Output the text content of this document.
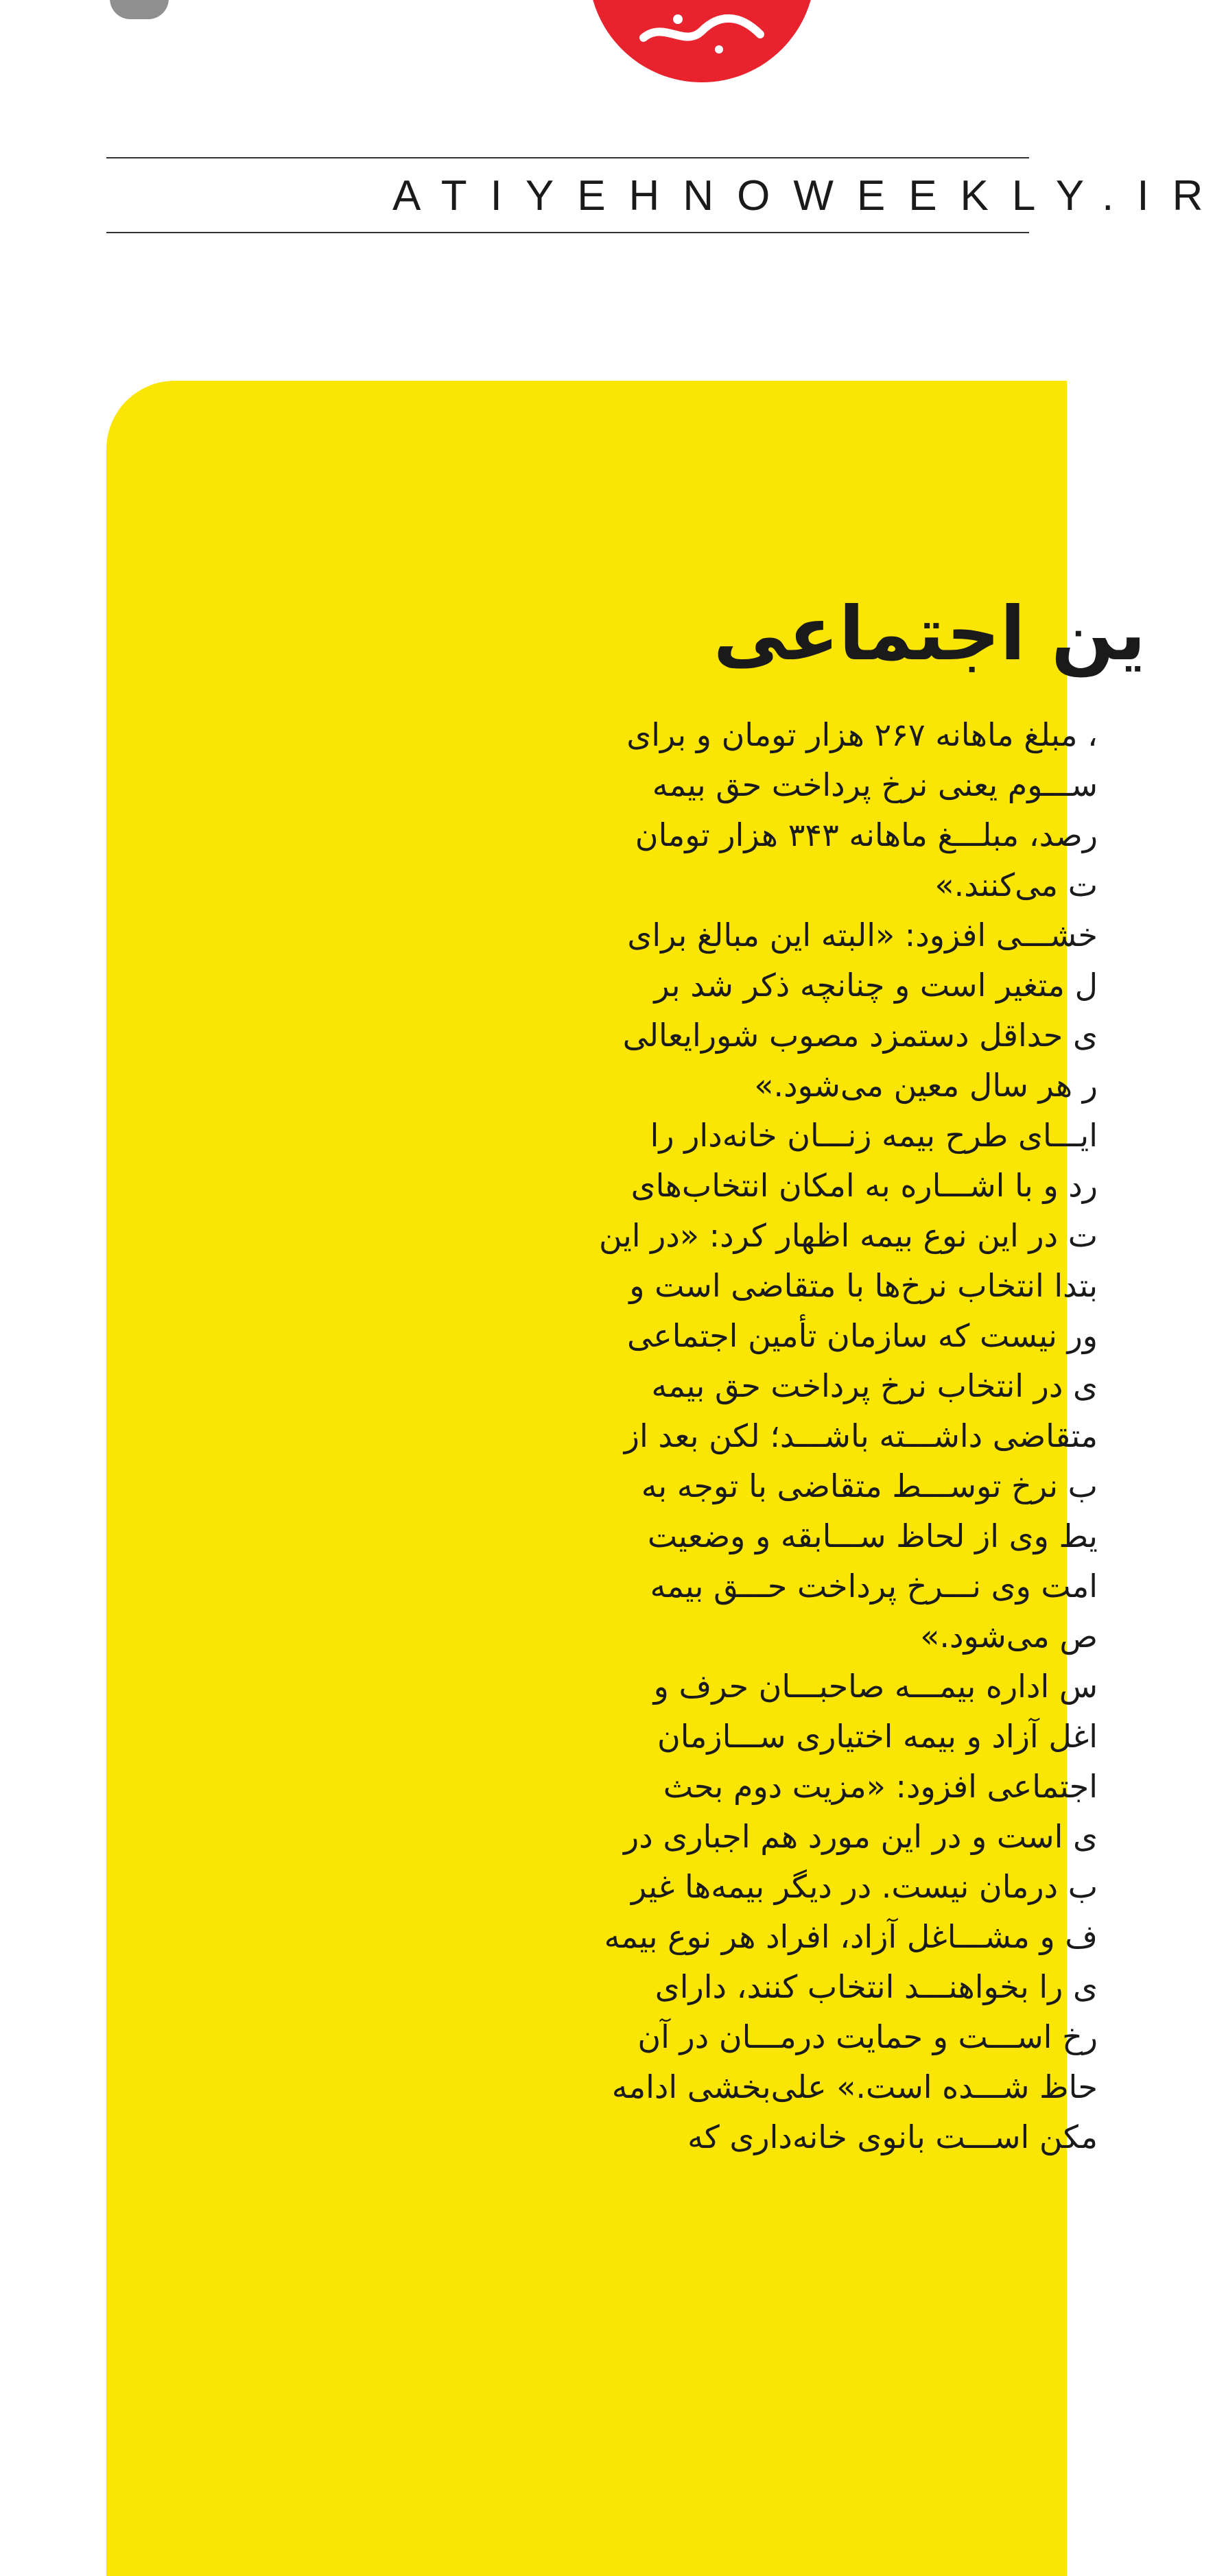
ATIYEHNOWEEKLY.IR
ین اجتماعی
، مبلغ ماهانه ۲۶۷ هزار تومان و برای
ســـوم یعنی نرخ پرداخت حق بیمه
رصد، مبلـــغ ماهانه ۳۴۳ هزار تومان
ت می‌کنند.»
خشـــی افزود: «البته این مبالغ برای
ل متغیر است و چنانچه ذکر شد بر
ی حداقل دستمزد مصوب شورایعالی
ر هر سال معین می‌شود.»
ایـــای طرح بیمه زنـــان خانه‌دار را
رد و با اشـــاره به امکان انتخاب‌های
ت در این نوع بیمه اظهار کرد: «در این
بتدا انتخاب نرخ‌ها با متقاضی است و
ور نیست که سازمان تأمین اجتماعی
ی در انتخاب نرخ پرداخت حق بیمه
متقاضی داشـــته باشـــد؛ لکن بعد از
ب نرخ توســـط متقاضی با توجه به
یط وی از لحاظ ســـابقه و وضعیت
امت وی نـــرخ پرداخت حـــق بیمه
ص می‌شود.»
س اداره بیمـــه صاحبـــان حرف و
اغل آزاد و بیمه اختیاری ســـازمان
اجتماعی افزود: «مزیت دوم بحث
ی است و در این مورد هم اجباری در
ب درمان نیست. در دیگر بیمه‌ها غیر
ف و مشـــاغل آزاد، افراد هر نوع بیمه
ی را بخواهنـــد انتخاب کنند، دارای
رخ اســـت و حمایت درمـــان در آن
حاظ شـــده است.» علی‌بخشی ادامه
مکن اســـت بانوی خانه‌داری که
